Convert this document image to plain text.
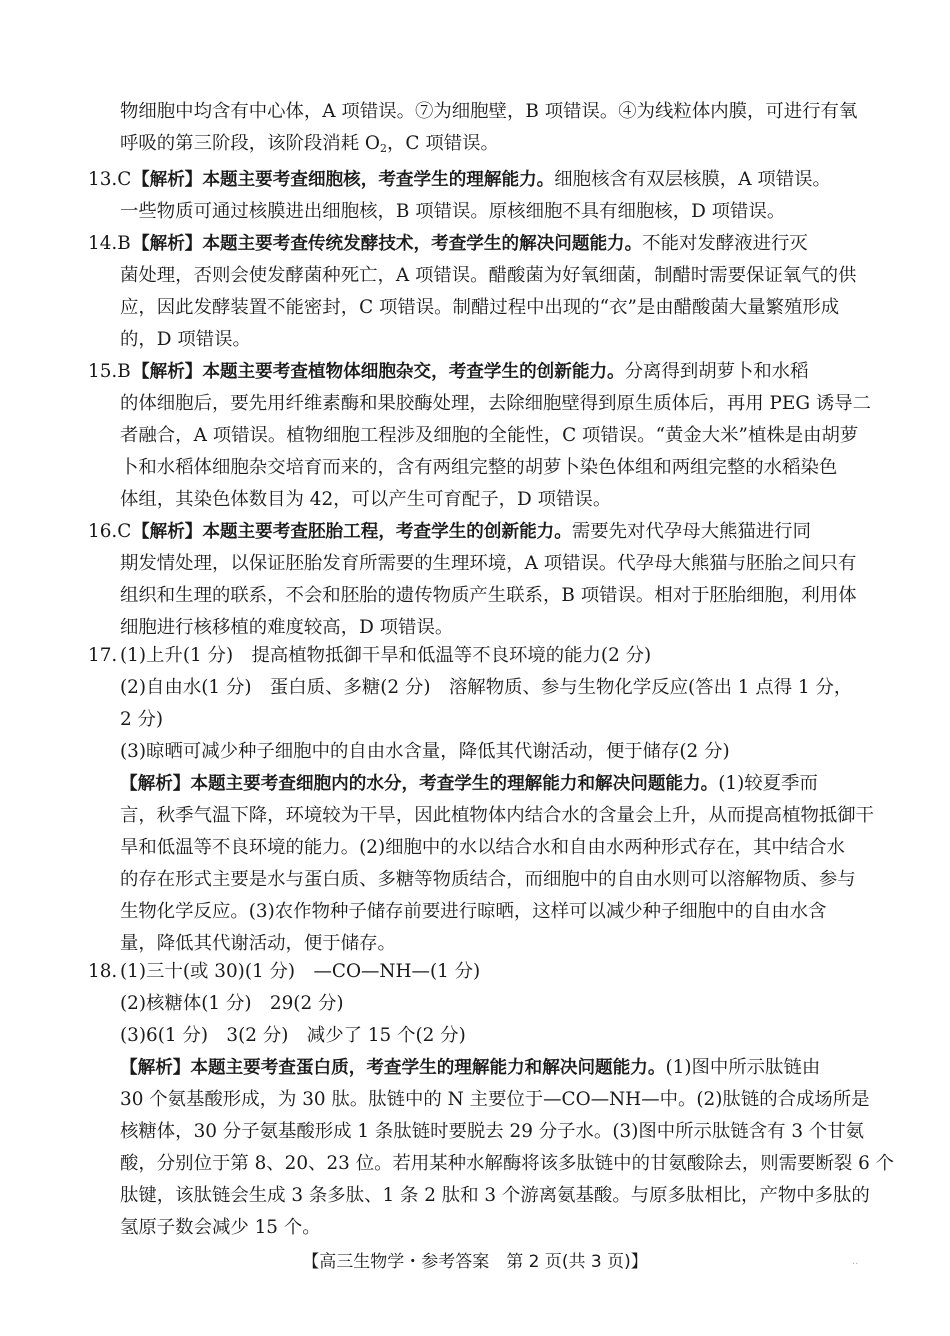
物细胞中均含有中心体，A 项错误。⑦为细胞壁，B 项错误。④为线粒体内膜，可进行有氧
呼吸的第三阶段，该阶段消耗 $O_2$，C 项错误。
13.C【解析】本题主要考查细胞核，考查学生的理解能力。细胞核含有双层核膜，A 项错误。
一些物质可通过核膜进出细胞核，B 项错误。原核细胞不具有细胞核，D 项错误。
14.B【解析】本题主要考查传统发酵技术，考查学生的解决问题能力。不能对发酵液进行灭
菌处理，否则会使发酵菌种死亡，A 项错误。醋酸菌为好氧细菌，制醋时需要保证氧气的供
应，因此发酵装置不能密封，C 项错误。制醋过程中出现的“衣”是由醋酸菌大量繁殖形成
的，D 项错误。
15.B【解析】本题主要考查植物体细胞杂交，考查学生的创新能力。分离得到胡萝卜和水稻
的体细胞后，要先用纤维素酶和果胶酶处理，去除细胞壁得到原生质体后，再用 PEG 诱导二
者融合，A 项错误。植物细胞工程涉及细胞的全能性，C 项错误。“黄金大米”植株是由胡萝
卜和水稻体细胞杂交培育而来的，含有两组完整的胡萝卜染色体组和两组完整的水稻染色
体组，其染色体数目为 42，可以产生可育配子，D 项错误。
16.C【解析】本题主要考查胚胎工程，考查学生的创新能力。需要先对代孕母大熊猫进行同
期发情处理，以保证胚胎发育所需要的生理环境，A 项错误。代孕母大熊猫与胚胎之间只有
组织和生理的联系，不会和胚胎的遗传物质产生联系，B 项错误。相对于胚胎细胞，利用体
细胞进行核移植的难度较高，D 项错误。
17. (1)上升(1 分)　提高植物抵御干旱和低温等不良环境的能力(2 分)
(2)自由水(1 分)　蛋白质、多糖(2 分)　溶解物质、参与生物化学反应(答出 1 点得 1 分，
2 分)
(3)晾晒可减少种子细胞中的自由水含量，降低其代谢活动，便于储存(2 分)
【解析】本题主要考查细胞内的水分，考查学生的理解能力和解决问题能力。(1)较夏季而
言，秋季气温下降，环境较为干旱，因此植物体内结合水的含量会上升，从而提高植物抵御干
旱和低温等不良环境的能力。(2)细胞中的水以结合水和自由水两种形式存在，其中结合水
的存在形式主要是水与蛋白质、多糖等物质结合，而细胞中的自由水则可以溶解物质、参与
生物化学反应。(3)农作物种子储存前要进行晾晒，这样可以减少种子细胞中的自由水含
量，降低其代谢活动，便于储存。
18. (1)三十(或 30)(1 分)　—CO—NH—(1 分)
(2)核糖体(1 分)　29(2 分)
(3)6(1 分)　3(2 分)　减少了 15 个(2 分)
【解析】本题主要考查蛋白质，考查学生的理解能力和解决问题能力。(1)图中所示肽链由
30 个氨基酸形成，为 30 肽。肽链中的 N 主要位于—CO—NH—中。(2)肽链的合成场所是
核糖体，30 分子氨基酸形成 1 条肽链时要脱去 29 分子水。(3)图中所示肽链含有 3 个甘氨
酸，分别位于第 8、20、23 位。若用某种水解酶将该多肽链中的甘氨酸除去，则需要断裂 6 个
肽键，该肽链会生成 3 条多肽、1 条 2 肽和 3 个游离氨基酸。与原多肽相比，产物中多肽的
氢原子数会减少 15 个。
【高三生物学・参考答案　第 2 页(共 3 页)】	..
